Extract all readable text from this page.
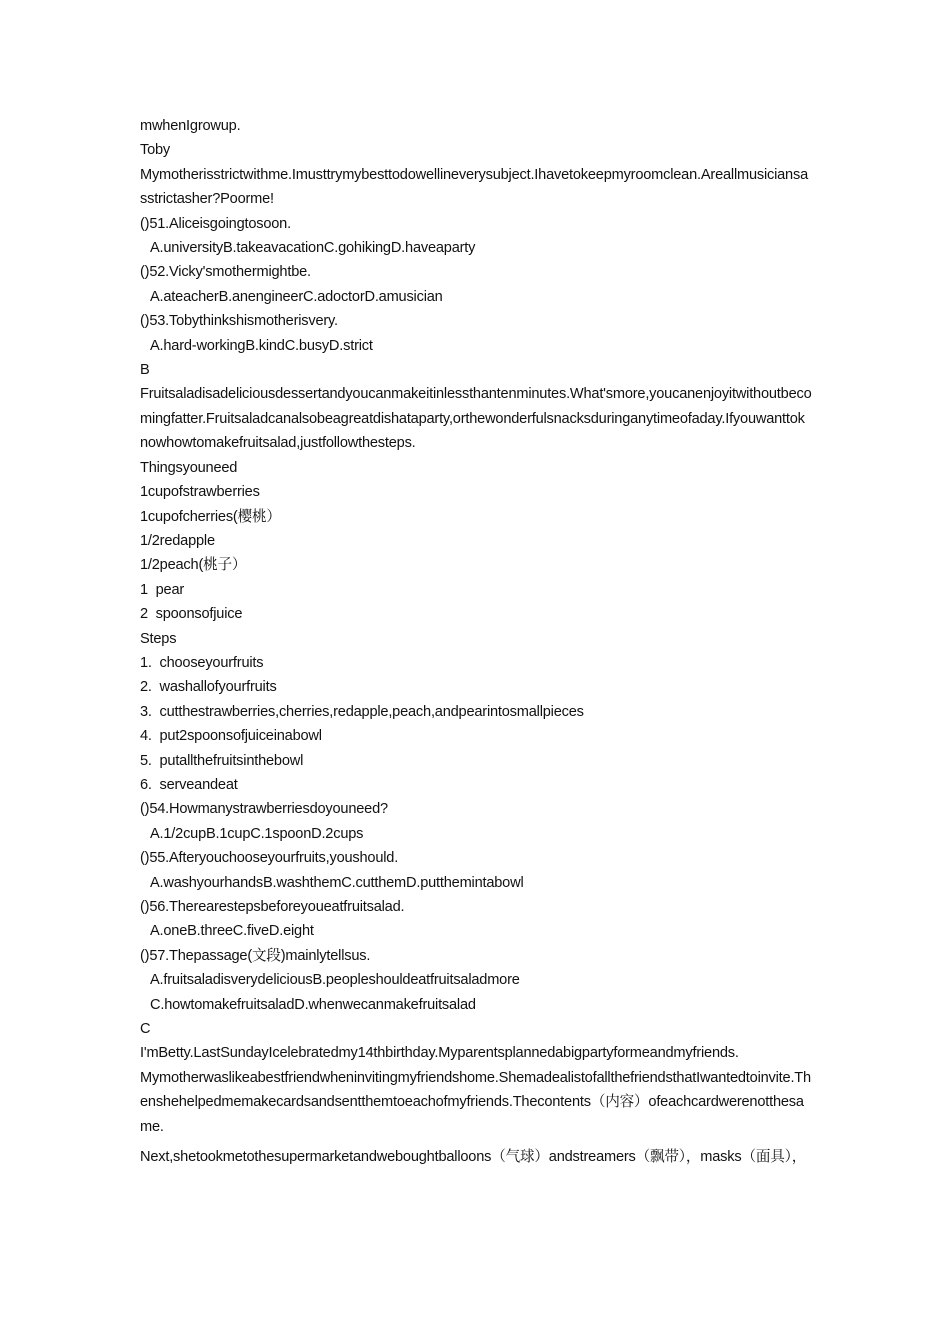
mwhenIgrowup.
Toby
Mymotherisstrictwithme.Imusttrymybesttodowellineverysubject.Ihavetokeepmyroomclean.Areallmusiciansasstrictasher?Poorme!
()51.Aliceisgoingtosoon.
A.universityB.takeavacationC.gohikingD.haveaparty
()52.Vicky'smothermightbe.
A.ateacherB.anengineerC.adoctorD.amusician
()53.Tobythinkshismotherisvery.
A.hard-workingB.kindC.busyD.strict
B
Fruitsaladisadeliciousdessertandyoucanmakeitinlessthantenminutes.What'smore,youcanenjoyitwithoutbecomingfatter.Fruitsaladcanalsobeagreatdishataparty,orthewonderfulsnacksduringanytimeofaday.Ifyouwanttoknowhowtomakefruitsalad,justfollowthesteps.
Thingsyouneed
1cupofstrawberries
1cupofcherries(樱桃）
1/2redapple
1/2peach(桃子）
1  pear
2  spoonsofjuice
Steps
1.  chooseyourfruits
2.  washallofyourfruits
3.  cutthestrawberries,cherries,redapple,peach,andpearintosmallpieces
4.  put2spoonsofjuiceinabowl
5.  putallthefruitsinthebowl
6.  serveandeat
()54.Howmanystrawberriesdoyouneed?
A.1/2cupB.1cupC.1spoonD.2cups
()55.Afteryouchooseyourfruits,youshould.
A.washyourhandsB.washthemC.cutthemD.putthemintabowl
()56.Therearestepsbeforeyoueatfruitsalad.
A.oneB.threeC.fiveD.eight
()57.Thepassage(文段)mainlytellsus.
A.fruitsaladisverydeliciousB.peopleshouldeatfruitsaladmore
C.howtomakefruitsaladD.whenwecanmakefruitsalad
C
I'mBetty.LastSundayIcelebratedmy14thbirthday.Myparentsplannedabigpartyformeandmyfriends.
Mymotherwaslikeabestfriendwheninvitingmyfriendshome.ShemadealistofallthefriendsthatIwantedtoinvite.Thenshehelpedmemakecardsandsentthemtoeachofmyfriends.Thecontents（内容）ofeachcardwerenotthesame.
Next,shetookmetothesupermarketandweboughtballoons（气球）andstreamers（飘带），masks（面具），
